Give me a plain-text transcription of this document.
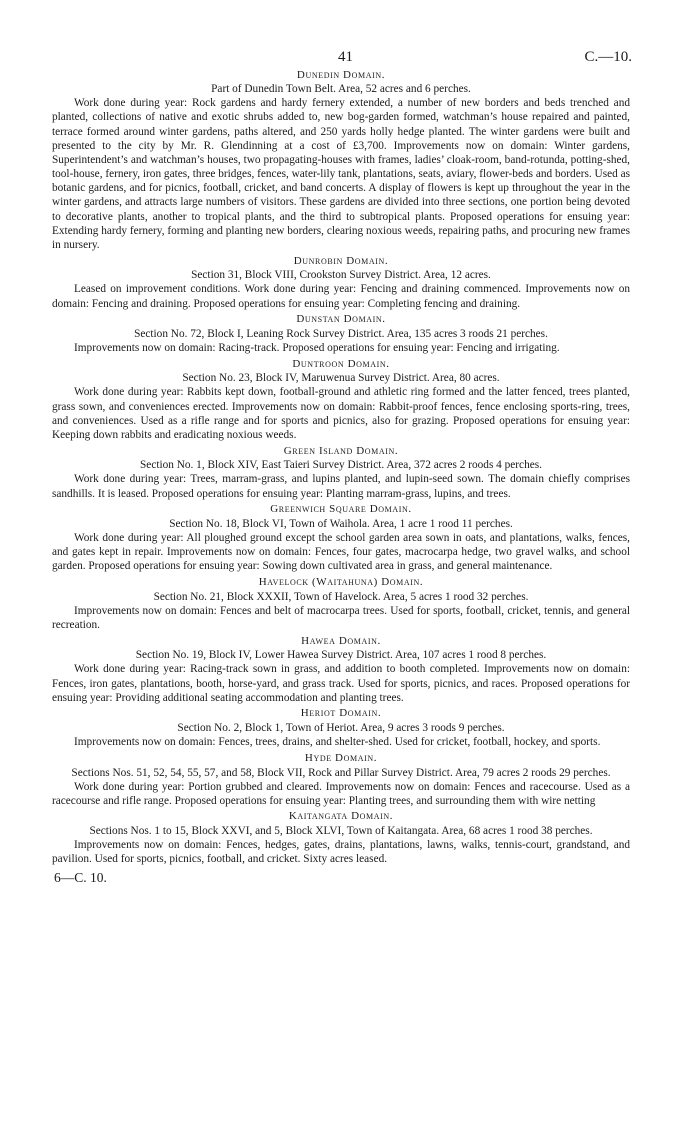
41	C.—10.
Dunedin Domain.

Part of Dunedin Town Belt. Area, 52 acres and 6 perches.

Work done during year: Rock gardens and hardy fernery extended, a number of new borders and beds trenched and planted, collections of native and exotic shrubs added to, new bog-garden formed, watchman’s house repaired and painted, terrace formed around winter gardens, paths altered, and 250 yards holly hedge planted. The winter gardens were built and presented to the city by Mr. R. Glendinning at a cost of £3,700. Improvements now on domain: Winter gardens, Superintendent’s and watchman’s houses, two propagating-houses with frames, ladies’ cloak-room, band-rotunda, potting-shed, tool-house, fernery, iron gates, three bridges, fences, water-lily tank, plantations, seats, aviary, flower-beds and borders. Used as botanic gardens, and for picnics, football, cricket, and band concerts. A display of flowers is kept up throughout the year in the winter gardens, and attracts large numbers of visitors. These gardens are divided into three sections, one portion being devoted to decorative plants, another to tropical plants, and the third to subtropical plants. Proposed operations for ensuing year: Extending hardy fernery, forming and planting new borders, clearing noxious weeds, repairing paths, and procuring new frames in nursery.

Dunrobin Domain.

Section 31, Block VIII, Crookston Survey District. Area, 12 acres.

Leased on improvement conditions. Work done during year: Fencing and draining commenced. Improvements now on domain: Fencing and draining. Proposed operations for ensuing year: Completing fencing and draining.

Dunstan Domain.

Section No. 72, Block I, Leaning Rock Survey District. Area, 135 acres 3 roods 21 perches.

Improvements now on domain: Racing-track. Proposed operations for ensuing year: Fencing and irrigating.

Duntroon Domain.

Section No. 23, Block IV, Maruwenua Survey District. Area, 80 acres.

Work done during year: Rabbits kept down, football-ground and athletic ring formed and the latter fenced, trees planted, grass sown, and conveniences erected. Improvements now on domain: Rabbit-proof fences, fence enclosing sports-ring, trees, and conveniences. Used as a rifle range and for sports and picnics, also for grazing. Proposed operations for ensuing year: Keeping down rabbits and eradicating noxious weeds.

Green Island Domain.

Section No. 1, Block XIV, East Taieri Survey District. Area, 372 acres 2 roods 4 perches.

Work done during year: Trees, marram-grass, and lupins planted, and lupin-seed sown. The domain chiefly comprises sandhills. It is leased. Proposed operations for ensuing year: Planting marram-grass, lupins, and trees.

Greenwich Square Domain.

Section No. 18, Block VI, Town of Waihola. Area, 1 acre 1 rood 11 perches.

Work done during year: All ploughed ground except the school garden area sown in oats, and plantations, walks, fences, and gates kept in repair. Improvements now on domain: Fences, four gates, macrocarpa hedge, two gravel walks, and school garden. Proposed operations for ensuing year: Sowing down cultivated area in grass, and general maintenance.

Havelock (Waitahuna) Domain.

Section No. 21, Block XXXII, Town of Havelock. Area, 5 acres 1 rood 32 perches.

Improvements now on domain: Fences and belt of macrocarpa trees. Used for sports, football, cricket, tennis, and general recreation.

Hawea Domain.

Section No. 19, Block IV, Lower Hawea Survey District. Area, 107 acres 1 rood 8 perches.

Work done during year: Racing-track sown in grass, and addition to booth completed. Improvements now on domain: Fences, iron gates, plantations, booth, horse-yard, and grass track. Used for sports, picnics, and races. Proposed operations for ensuing year: Providing additional seating accommodation and planting trees.

Heriot Domain.

Section No. 2, Block 1, Town of Heriot. Area, 9 acres 3 roods 9 perches.

Improvements now on domain: Fences, trees, drains, and shelter-shed. Used for cricket, football, hockey, and sports.

Hyde Domain.

Sections Nos. 51, 52, 54, 55, 57, and 58, Block VII, Rock and Pillar Survey District. Area, 79 acres 2 roods 29 perches.

Work done during year: Portion grubbed and cleared. Improvements now on domain: Fences and racecourse. Used as a racecourse and rifle range. Proposed operations for ensuing year: Planting trees, and surrounding them with wire netting

Kaitangata Domain.

Sections Nos. 1 to 15, Block XXVI, and 5, Block XLVI, Town of Kaitangata. Area, 68 acres 1 rood 38 perches.

Improvements now on domain: Fences, hedges, gates, drains, plantations, lawns, walks, tennis-court, grandstand, and pavilion. Used for sports, picnics, football, and cricket. Sixty acres leased.

6—C. 10.
